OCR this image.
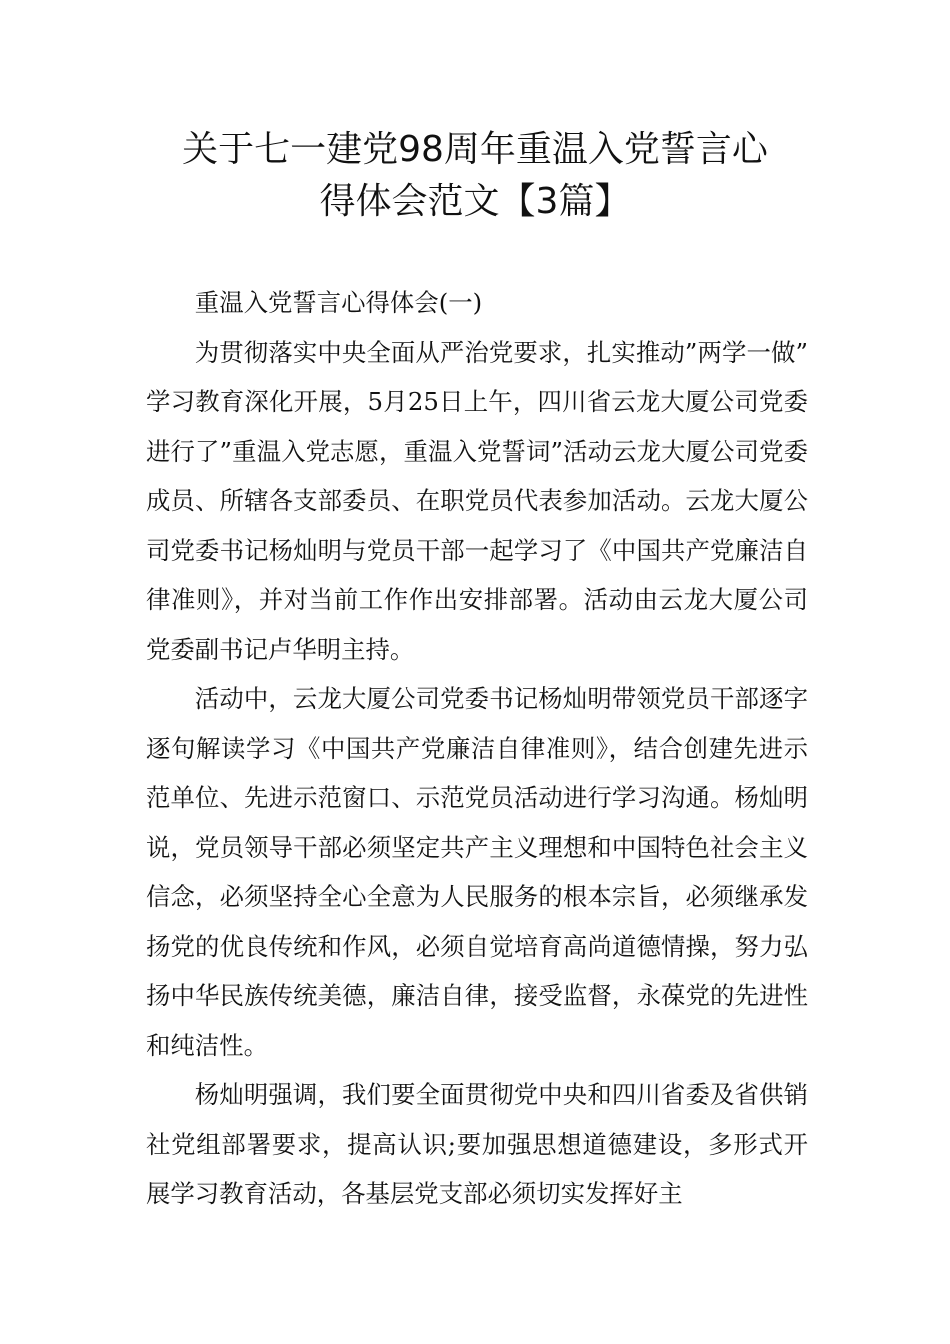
关于七一建党98周年重温入党誓言心
得体会范文【3篇】

重温入党誓言心得体会(一)

为贯彻落实中央全面从严治党要求，扎实推动”两学一做”学习教育深化开展，5月25日上午，四川省云龙大厦公司党委进行了”重温入党志愿，重温入党誓词”活动云龙大厦公司党委成员、所辖各支部委员、在职党员代表参加活动。云龙大厦公司党委书记杨灿明与党员干部一起学习了《中国共产党廉洁自律准则》，并对当前工作作出安排部署。活动由云龙大厦公司党委副书记卢华明主持。

活动中，云龙大厦公司党委书记杨灿明带领党员干部逐字逐句解读学习《中国共产党廉洁自律准则》，结合创建先进示范单位、先进示范窗口、示范党员活动进行学习沟通。杨灿明说，党员领导干部必须坚定共产主义理想和中国特色社会主义信念，必须坚持全心全意为人民服务的根本宗旨，必须继承发扬党的优良传统和作风，必须自觉培育高尚道德情操，努力弘扬中华民族传统美德，廉洁自律，接受监督，永葆党的先进性和纯洁性。

杨灿明强调，我们要全面贯彻党中央和四川省委及省供销社党组部署要求，提高认识;要加强思想道德建设，多形式开展学习教育活动，各基层党支部必须切实发挥好主
